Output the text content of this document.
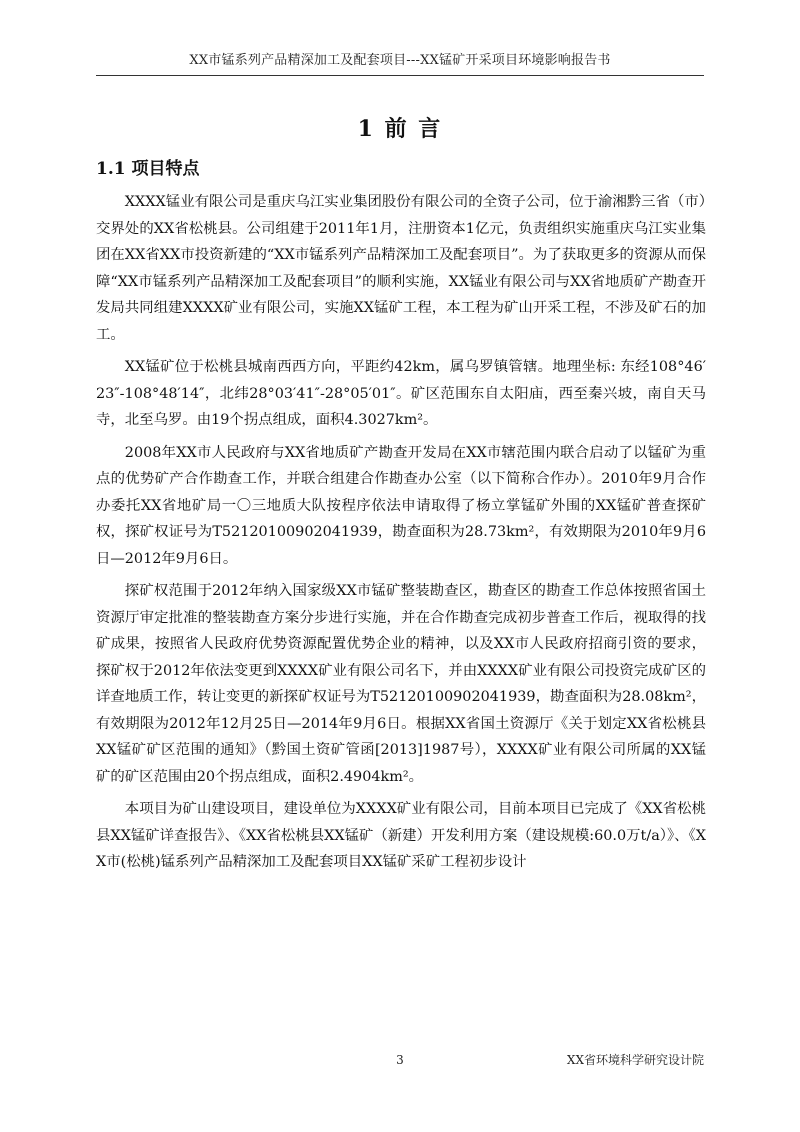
XX市锰系列产品精深加工及配套项目---XX锰矿开采项目环境影响报告书
1 前 言
1.1 项目特点

XXXX锰业有限公司是重庆乌江实业集团股份有限公司的全资子公司，位于渝湘黔三省（市）交界处的XX省松桃县。公司组建于2011年1月，注册资本1亿元，负责组织实施重庆乌江实业集团在XX省XX市投资新建的“XX市锰系列产品精深加工及配套项目”。为了获取更多的资源从而保障“XX市锰系列产品精深加工及配套项目”的顺利实施，XX锰业有限公司与XX省地质矿产勘查开发局共同组建XXXX矿业有限公司，实施XX锰矿工程，本工程为矿山开采工程，不涉及矿石的加工。

XX锰矿位于松桃县城南西西方向，平距约42km，属乌罗镇管辖。地理坐标: 东经108°46′23″-108°48′14″，北纬28°03′41″-28°05′01″。矿区范围东自太阳庙，西至秦兴坡，南自天马寺，北至乌罗。由19个拐点组成，面积4.3027km²。

2008年XX市人民政府与XX省地质矿产勘查开发局在XX市辖范围内联合启动了以锰矿为重点的优势矿产合作勘查工作，并联合组建合作勘查办公室（以下简称合作办）。2010年9月合作办委托XX省地矿局一〇三地质大队按程序依法申请取得了杨立掌锰矿外围的XX锰矿普查探矿权，探矿权证号为T52120100902041939，勘查面积为28.73km²，有效期限为2010年9月6日—2012年9月6日。

探矿权范围于2012年纳入国家级XX市锰矿整装勘查区，勘查区的勘查工作总体按照省国土资源厅审定批准的整装勘查方案分步进行实施，并在合作勘查完成初步普查工作后，视取得的找矿成果，按照省人民政府优势资源配置优势企业的精神，以及XX市人民政府招商引资的要求，探矿权于2012年依法变更到XXXX矿业有限公司名下，并由XXXX矿业有限公司投资完成矿区的详查地质工作，转让变更的新探矿权证号为T52120100902041939，勘查面积为28.08km²，有效期限为2012年12月25日—2014年9月6日。根据XX省国土资源厅《关于划定XX省松桃县XX锰矿矿区范围的通知》（黔国土资矿管函[2013]1987号），XXXX矿业有限公司所属的XX锰矿的矿区范围由20个拐点组成，面积2.4904km²。

本项目为矿山建设项目，建设单位为XXXX矿业有限公司，目前本项目已完成了《XX省松桃县XX锰矿详查报告》、《XX省松桃县XX锰矿（新建）开发利用方案（建设规模:60.0万t/a）》、《XX市(松桃)锰系列产品精深加工及配套项目XX锰矿采矿工程初步设计

3	XX省环境科学研究设计院
